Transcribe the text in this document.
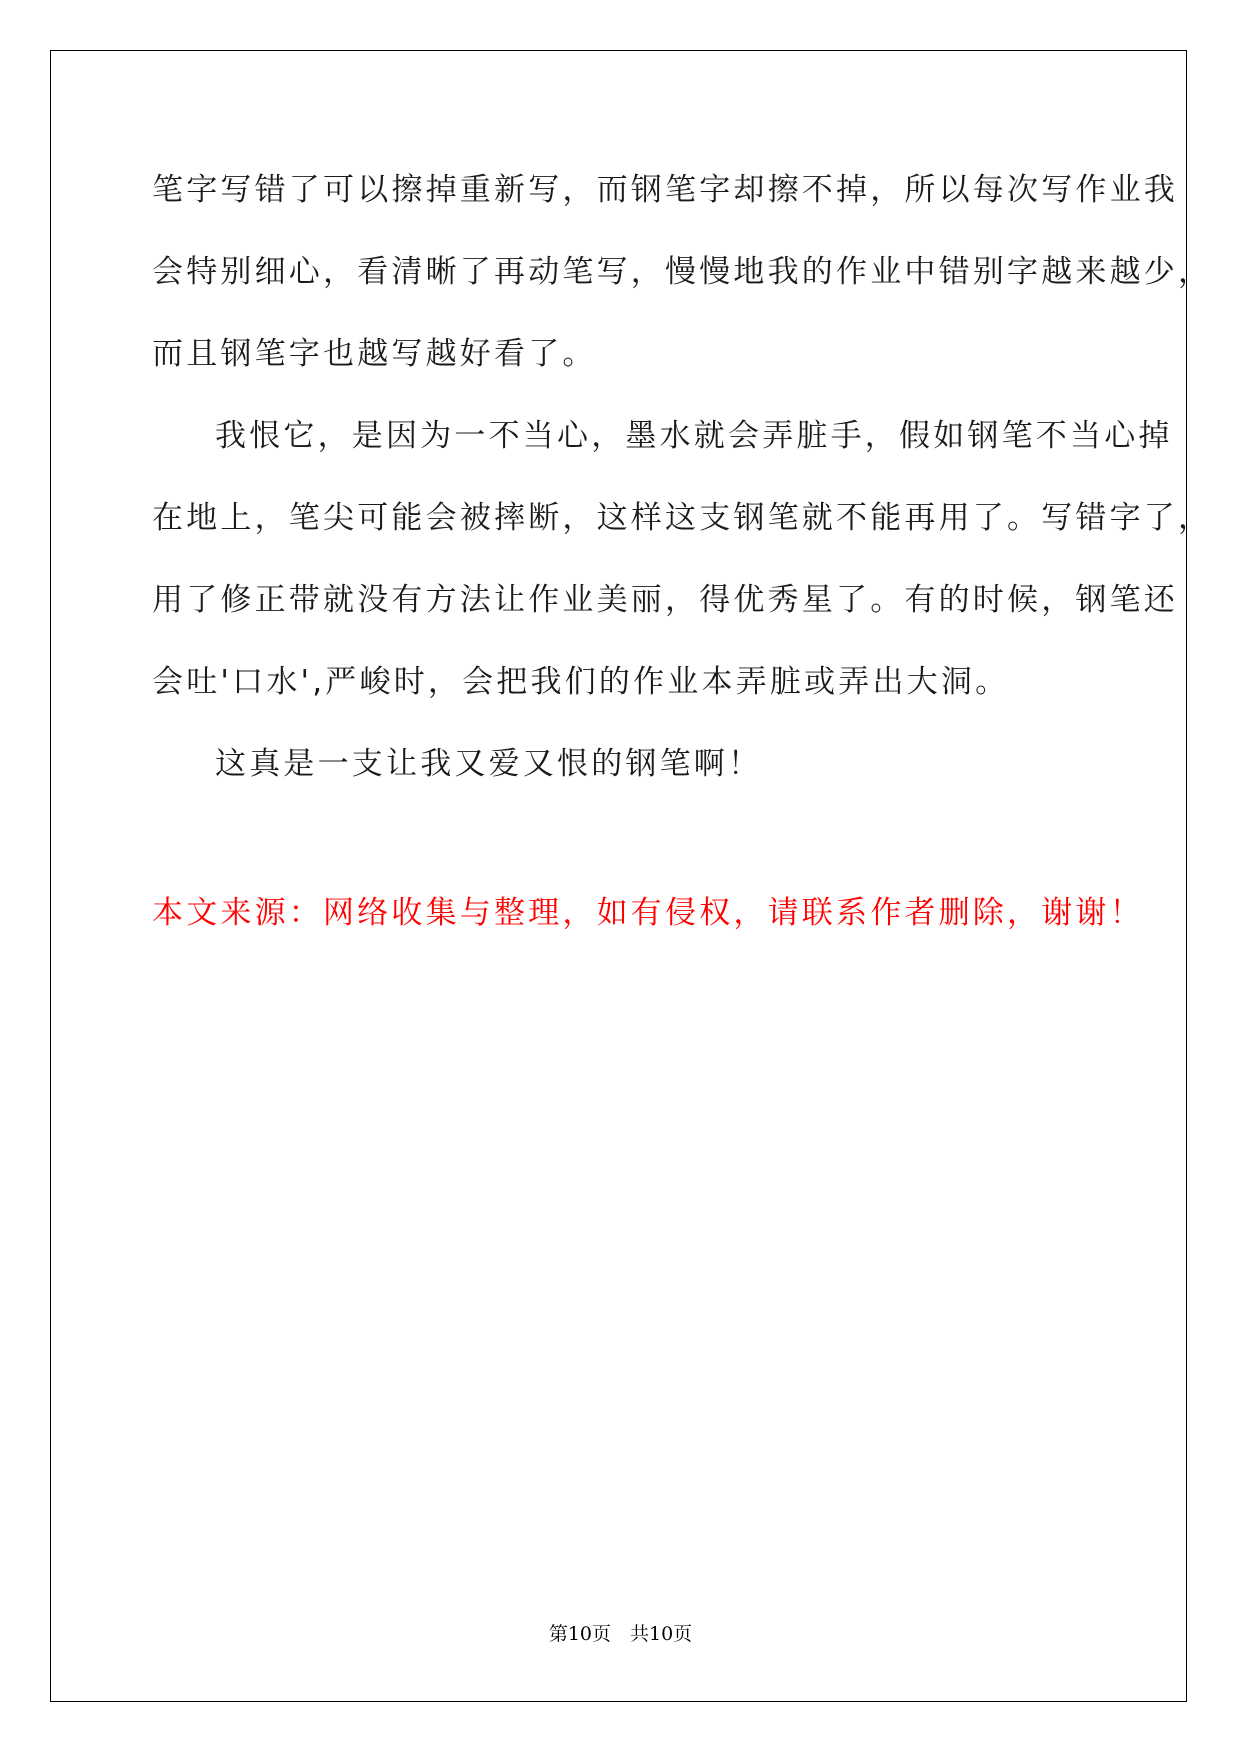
笔字写错了可以擦掉重新写，而钢笔字却擦不掉，所以每次写作业我

会特别细心，看清晰了再动笔写，慢慢地我的作业中错别字越来越少，

而且钢笔字也越写越好看了。

我恨它，是因为一不当心，墨水就会弄脏手，假如钢笔不当心掉

在地上，笔尖可能会被摔断，这样这支钢笔就不能再用了。写错字了，

用了修正带就没有方法让作业美丽，得优秀星了。有的时候，钢笔还

会吐'口水',严峻时，会把我们的作业本弄脏或弄出大洞。

这真是一支让我又爱又恨的钢笔啊！

本文来源：网络收集与整理，如有侵权，请联系作者删除，谢谢！

第10页　共10页
